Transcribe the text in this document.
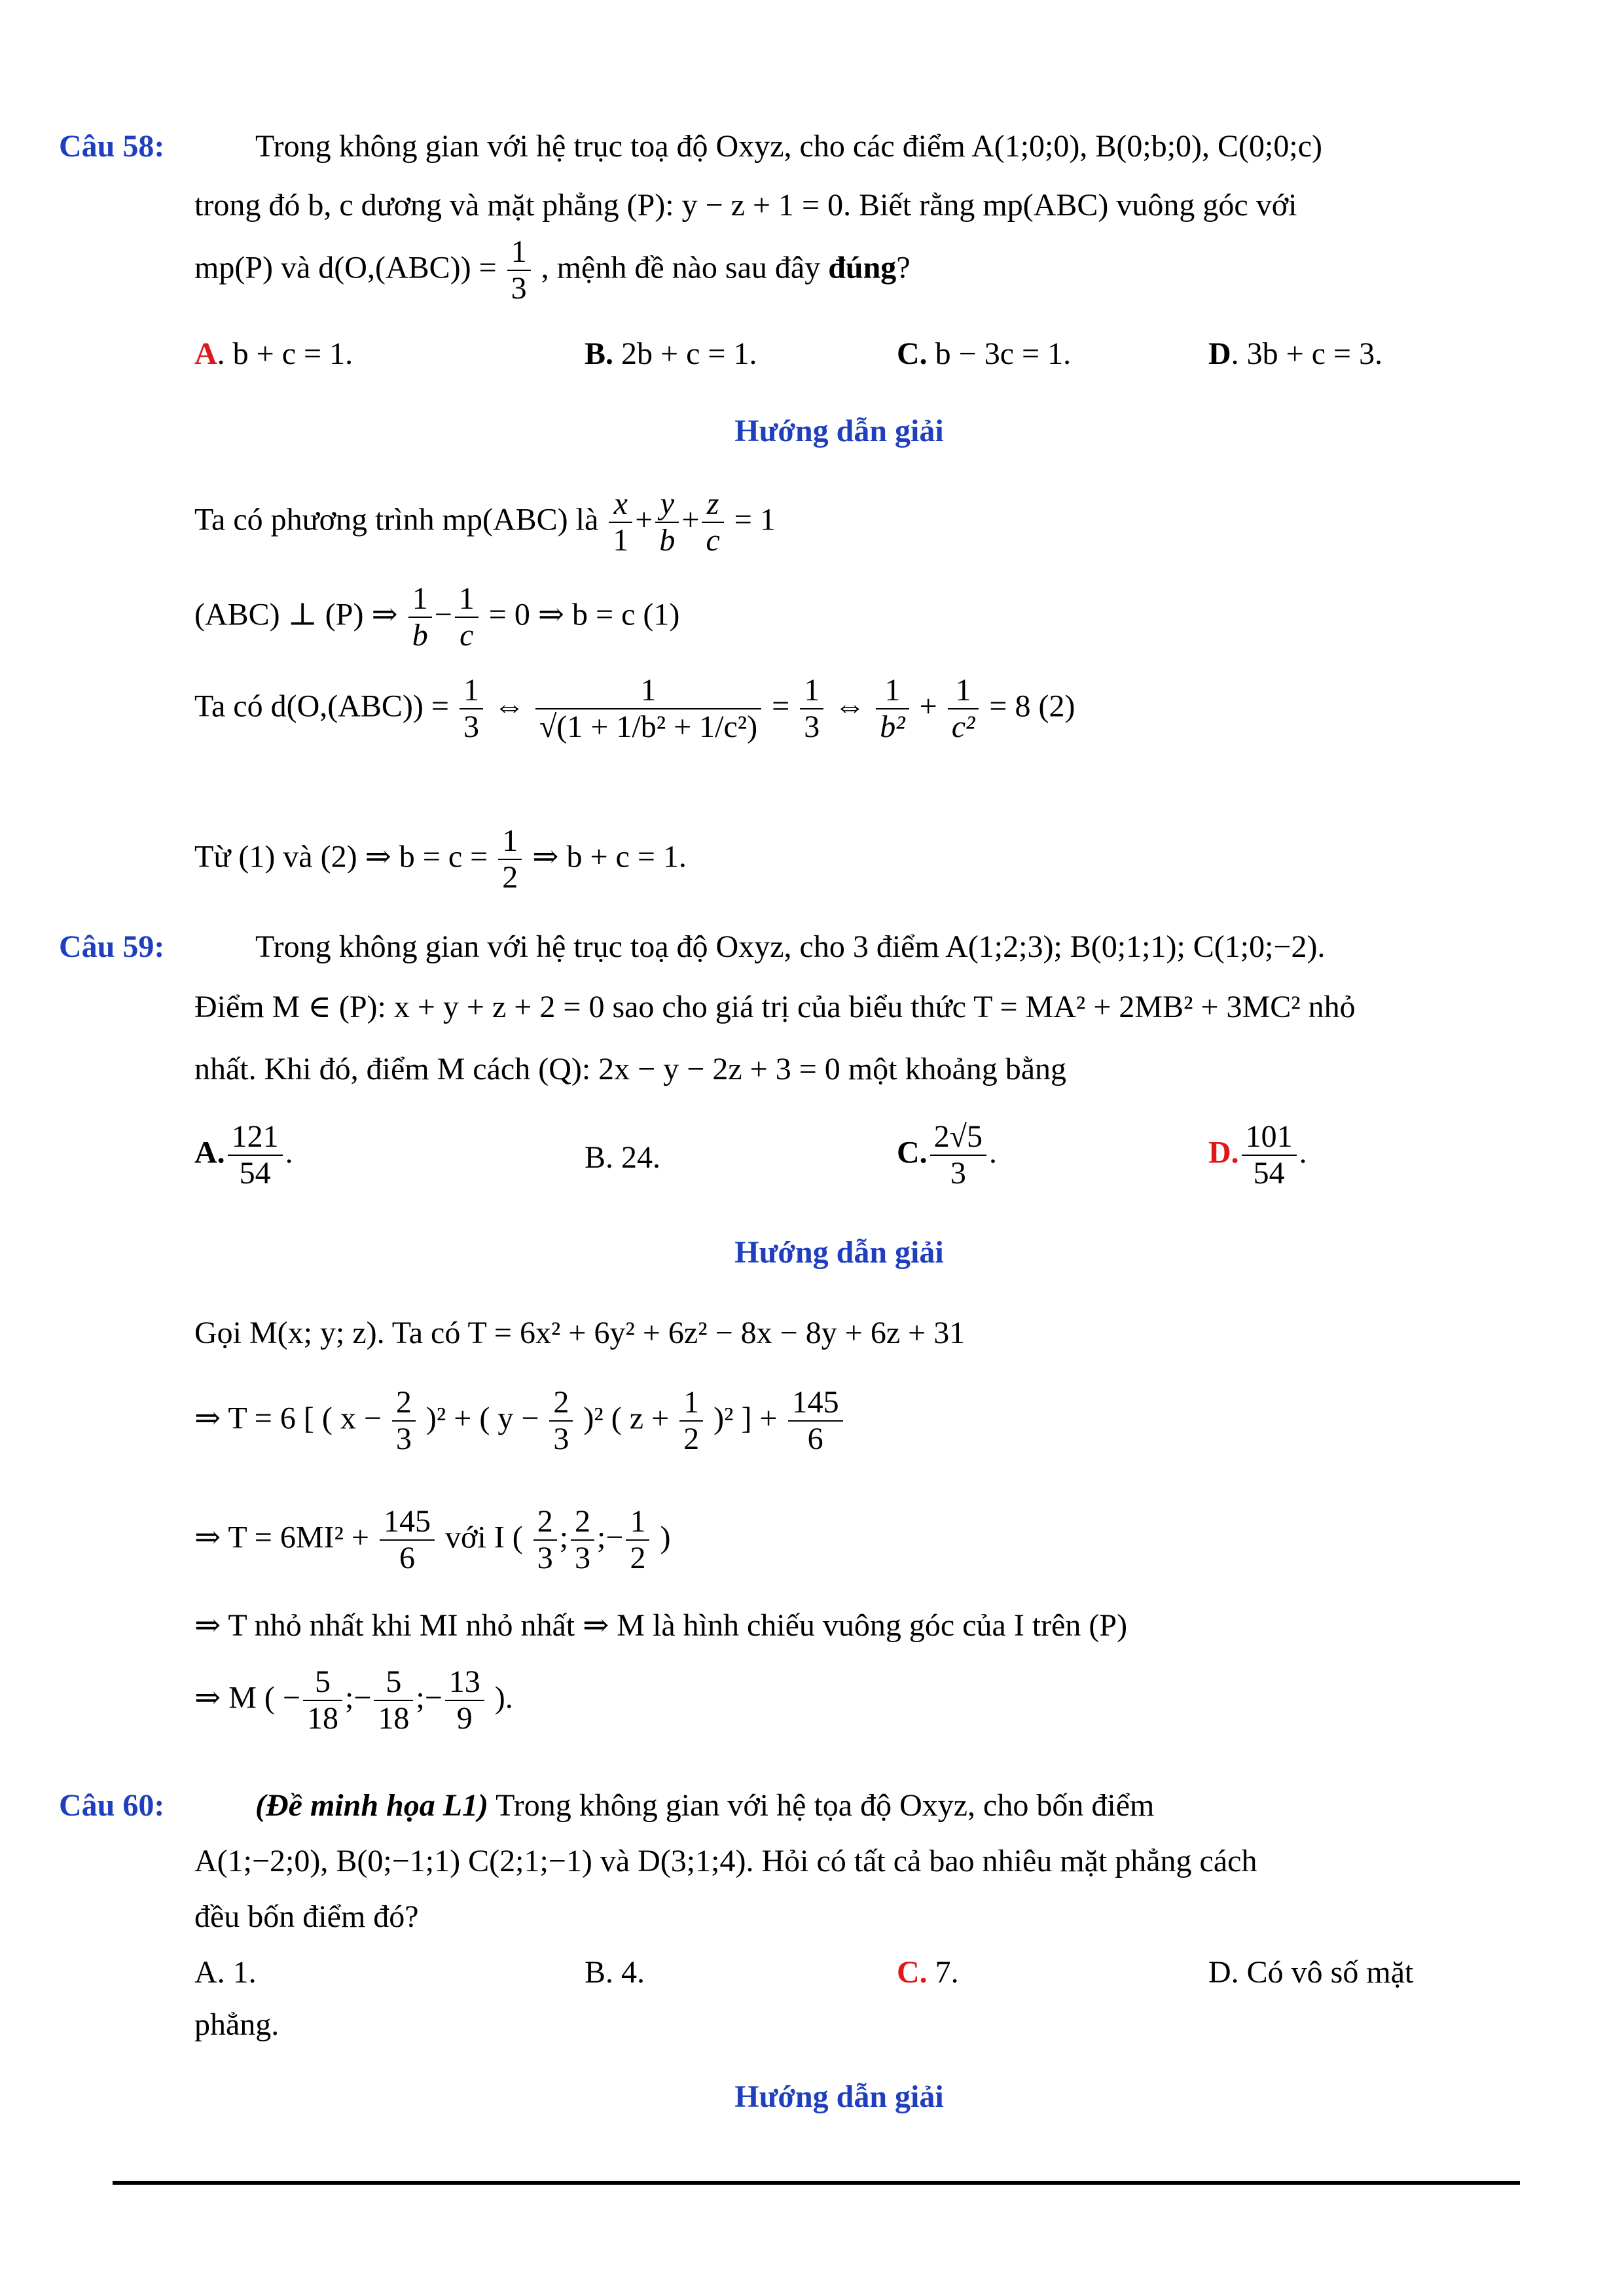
Câu 58:	Trong không gian với hệ trục toạ độ Oxyz, cho các điểm A(1;0;0), B(0;b;0), C(0;0;c)
trong đó b, c dương và mặt phẳng (P): y − z + 1 = 0. Biết rằng mp(ABC) vuông góc với
mp(P) và $d(O,(ABC)) = \frac{1}{3}$ , mệnh đề nào sau đây đúng?
A. b + c = 1.	B. 2b + c = 1.	C. b − 3c = 1.	D. 3b + c = 3.
Hướng dẫn giải
Ta có phương trình mp(ABC) là $\frac{x}{1} + \frac{y}{b} + \frac{z}{c} = 1$
(ABC) ⊥ (P) ⇒ $\frac{1}{b} - \frac{1}{c} = 0$ ⇒ b = c (1)
Ta có $d(O,(ABC)) = \frac{1}{3}$ ⇔ $\frac{1}{\text{√(1 + 1/b² + 1/c²)}} = \frac{1}{3}$ ⇔ $\frac{1}{\text{b²}} + \frac{1}{\text{c²}} = 8$ (2)
Từ (1) và (2) ⇒ $b = c = \frac{1}{2}$ ⇒ b + c = 1.
Câu 59:	Trong không gian với hệ trục toạ độ Oxyz, cho 3 điểm A(1;2;3); B(0;1;1); C(1;0;−2).
Điểm M ∈ (P): x + y + z + 2 = 0 sao cho giá trị của biểu thức T = MA² + 2MB² + 3MC² nhỏ
nhất. Khi đó, điểm M cách (Q): 2x − y − 2z + 3 = 0 một khoảng bằng
A. $\frac{121}{54}$ .	B. 24.	C. $\frac{2√5}{3}$ .	D. $\frac{101}{54}$ .
Hướng dẫn giải
Gọi M(x; y; z). Ta có T = 6x² + 6y² + 6z² − 8x − 8y + 6z + 31
⇒ T = 6 [ ( $x - \frac{2}{3} )^2$ + ( $y - \frac{2}{3} )^2$ ( $z + \frac{1}{2} )^2$ ] + $\frac{145}{6}$
⇒ $T = 6MI^2 + \frac{145}{6}$ với I ( $\frac{2}{3}$ ; $\frac{2}{3}$ ;− $\frac{1}{2}$ )
⇒ T nhỏ nhất khi MI nhỏ nhất ⇒ M là hình chiếu vuông góc của I trên (P)
⇒ M ( − $\frac{5}{18}$ ;− $\frac{5}{18}$ ;− $\frac{13}{9}$ ).
Câu 60:	(Đề minh họa L1) Trong không gian với hệ tọa độ Oxyz, cho bốn điểm
A(1;−2;0), B(0;−1;1) C(2;1;−1) và D(3;1;4). Hỏi có tất cả bao nhiêu mặt phẳng cách
đều bốn điểm đó?
A. 1.	B. 4.	C. 7.	D. Có vô số mặt
phẳng.
Hướng dẫn giải
